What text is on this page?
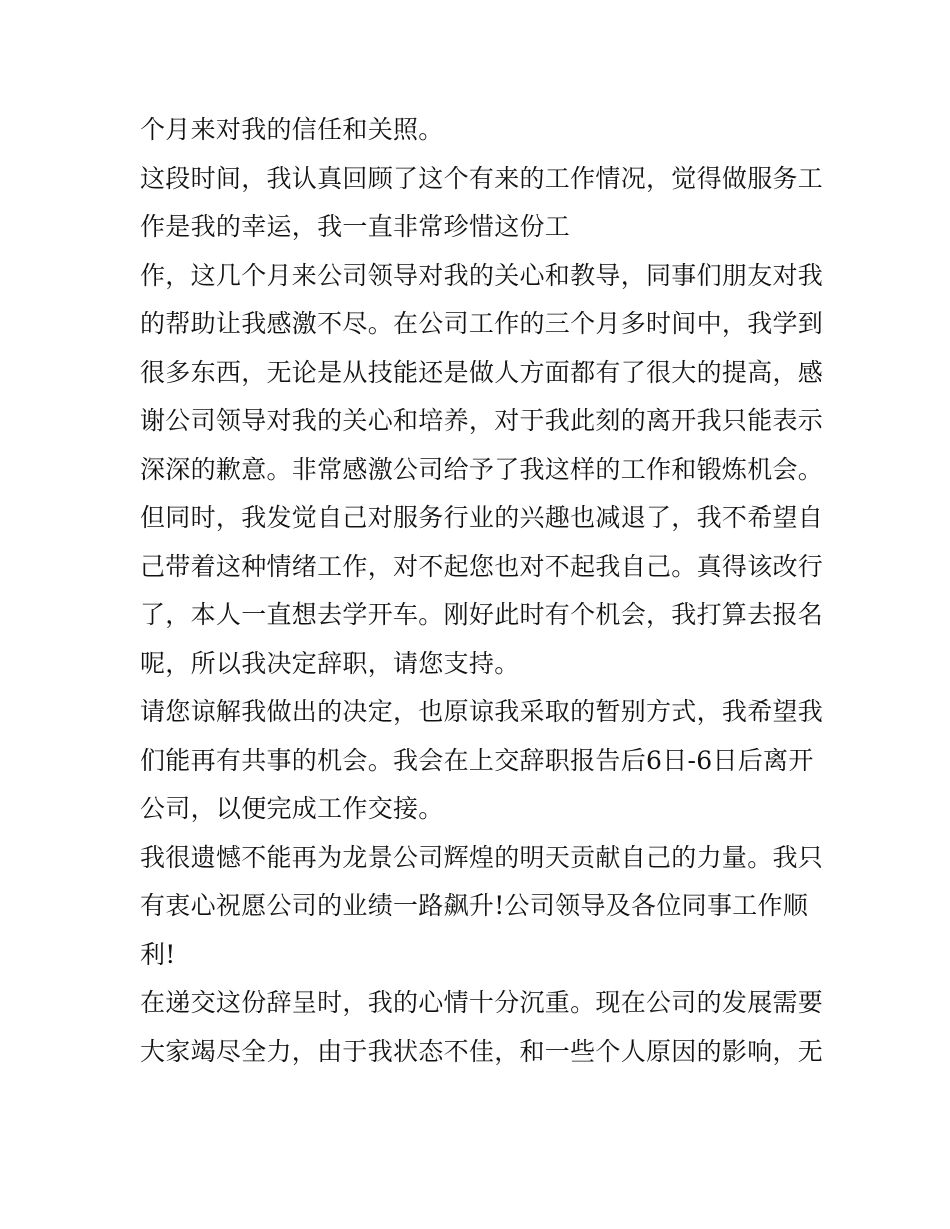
个月来对我的信任和关照。
这段时间，我认真回顾了这个有来的工作情况，觉得做服务工
作是我的幸运，我一直非常珍惜这份工
作，这几个月来公司领导对我的关心和教导，同事们朋友对我
的帮助让我感激不尽。在公司工作的三个月多时间中，我学到
很多东西，无论是从技能还是做人方面都有了很大的提高，感
谢公司领导对我的关心和培养，对于我此刻的离开我只能表示
深深的歉意。非常感激公司给予了我这样的工作和锻炼机会。
但同时，我发觉自己对服务行业的兴趣也减退了，我不希望自
己带着这种情绪工作，对不起您也对不起我自己。真得该改行
了，本人一直想去学开车。刚好此时有个机会，我打算去报名
呢，所以我决定辞职，请您支持。
请您谅解我做出的决定，也原谅我采取的暂别方式，我希望我
们能再有共事的机会。我会在上交辞职报告后6日-6日后离开
公司，以便完成工作交接。
我很遗憾不能再为龙景公司辉煌的明天贡献自己的力量。我只
有衷心祝愿公司的业绩一路飙升!公司领导及各位同事工作顺
利!
在递交这份辞呈时，我的心情十分沉重。现在公司的发展需要
大家竭尽全力，由于我状态不佳，和一些个人原因的影响，无
